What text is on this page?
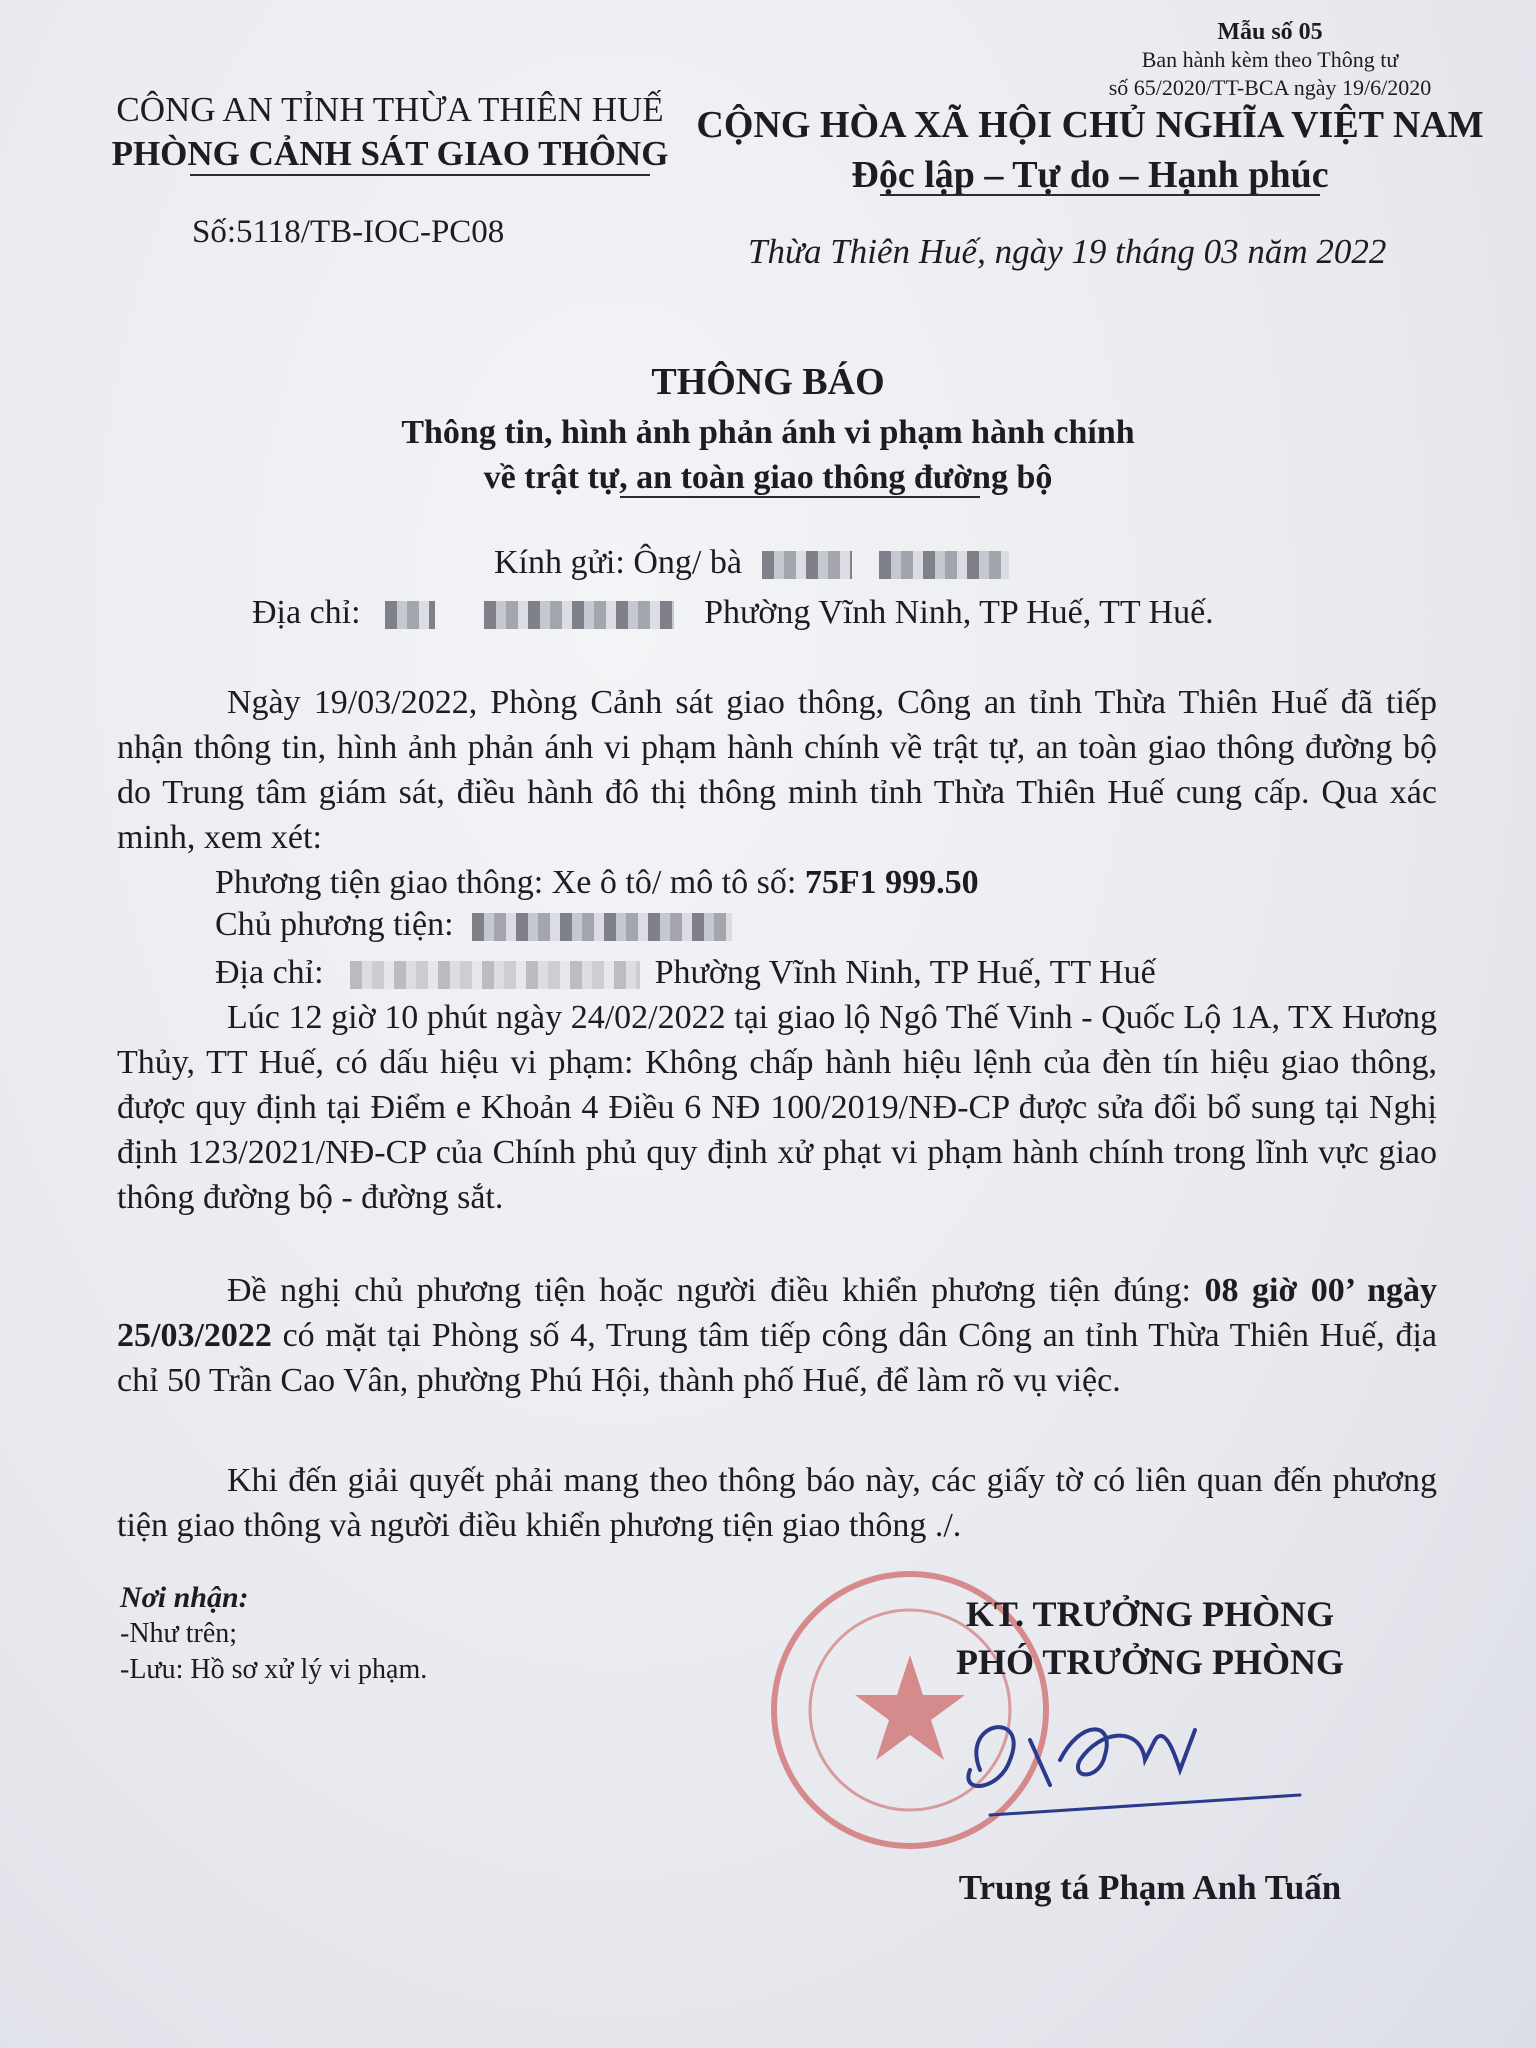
Mẫu số 05
Ban hành kèm theo Thông tư
số 65/2020/TT-BCA ngày 19/6/2020
CÔNG AN TỈNH THỪA THIÊN HUẾ
PHÒNG CẢNH SÁT GIAO THÔNG
CỘNG HÒA XÃ HỘI CHỦ NGHĨA VIỆT NAM
Độc lập – Tự do – Hạnh phúc
Số:5118/TB-IOC-PC08	Thừa Thiên Huế, ngày 19 tháng 03 năm 2022
THÔNG BÁO
Thông tin, hình ảnh phản ánh vi phạm hành chính
về trật tự, an toàn giao thông đường bộ
Kính gửi: Ông/ bà
Địa chỉ:	Phường Vĩnh Ninh, TP Huế, TT Huế.
Ngày 19/03/2022, Phòng Cảnh sát giao thông, Công an tỉnh Thừa Thiên Huế đã tiếp nhận thông tin, hình ảnh phản ánh vi phạm hành chính về trật tự, an toàn giao thông đường bộ do Trung tâm giám sát, điều hành đô thị thông minh tỉnh Thừa Thiên Huế cung cấp. Qua xác minh, xem xét:
Phương tiện giao thông: Xe ô tô/ mô tô số: 75F1 999.50
Chủ phương tiện:
Địa chỉ:	Phường Vĩnh Ninh, TP Huế, TT Huế
Lúc 12 giờ 10 phút ngày 24/02/2022 tại giao lộ Ngô Thế Vinh - Quốc Lộ 1A, TX Hương Thủy, TT Huế, có dấu hiệu vi phạm: Không chấp hành hiệu lệnh của đèn tín hiệu giao thông, được quy định tại Điểm e Khoản 4 Điều 6 NĐ 100/2019/NĐ-CP được sửa đổi bổ sung tại Nghị định 123/2021/NĐ-CP của Chính phủ quy định xử phạt vi phạm hành chính trong lĩnh vực giao thông đường bộ - đường sắt.
Đề nghị chủ phương tiện hoặc người điều khiển phương tiện đúng: 08 giờ 00’ ngày 25/03/2022 có mặt tại Phòng số 4, Trung tâm tiếp công dân Công an tỉnh Thừa Thiên Huế, địa chỉ 50 Trần Cao Vân, phường Phú Hội, thành phố Huế, để làm rõ vụ việc.
Khi đến giải quyết phải mang theo thông báo này, các giấy tờ có liên quan đến phương tiện giao thông và người điều khiển phương tiện giao thông ./.
Nơi nhận:
-Như trên;
-Lưu: Hồ sơ xử lý vi phạm.
KT. TRƯỞNG PHÒNG
PHÓ TRƯỞNG PHÒNG
Trung tá Phạm Anh Tuấn
